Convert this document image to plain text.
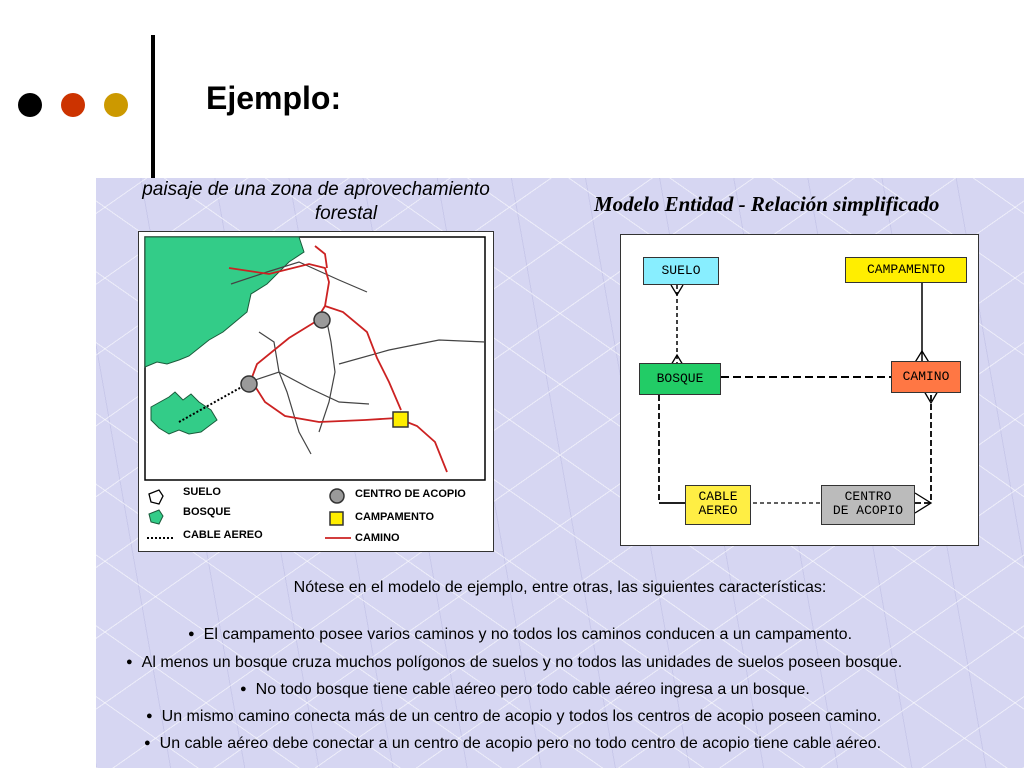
Ejemplo:
paisaje de una zona de aprovechamiento
forestal	Modelo Entidad - Relación simplificado
SUELO
BOSQUE
CABLE AEREO
CENTRO DE ACOPIO
CAMPAMENTO
CAMINO
SUELO	CAMPAMENTO
BOSQUE	CAMINO
CABLE
AEREO
CENTRO
DE ACOPIO
Nótese en el modelo de ejemplo, entre otras, las siguientes características:
● El campamento posee varios caminos y no todos los caminos conducen a un campamento.
● Al menos un bosque cruza muchos polígonos de suelos y no todos las unidades de suelos poseen bosque.
● No todo bosque tiene cable aéreo pero todo cable aéreo ingresa a un bosque.
● Un mismo camino conecta más de un centro de acopio y todos los centros de acopio poseen camino.
● Un cable aéreo debe conectar a un centro de acopio pero no todo centro de acopio tiene cable aéreo.
